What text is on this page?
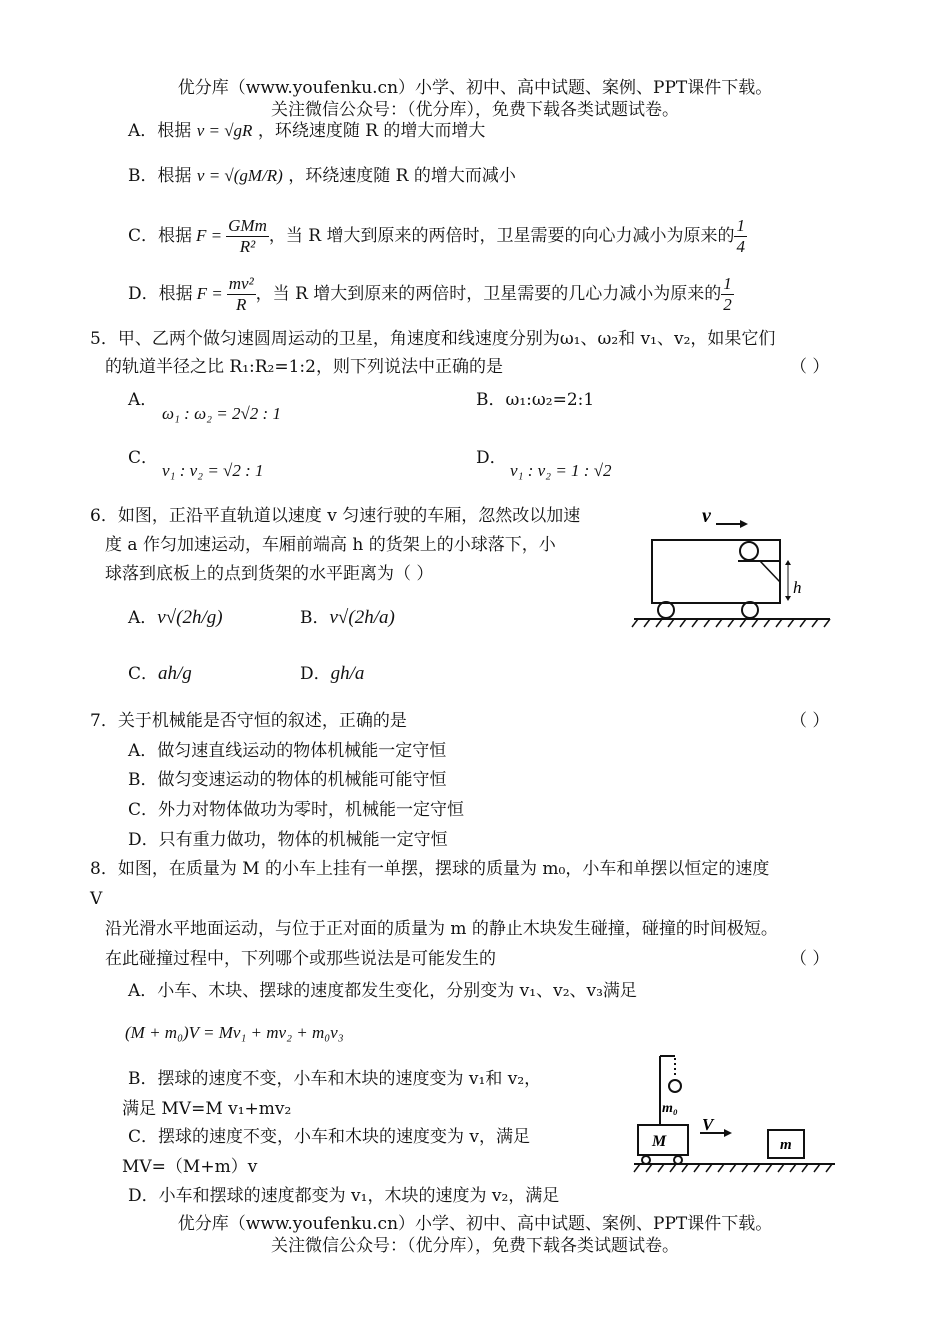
优分库（www.youfenku.cn）小学、初中、高中试题、案例、PPT课件下载。
关注微信公众号：（优分库），免费下载各类试题试卷。
A．根据 v = √gR ，环绕速度随 R 的增大而增大
B．根据 v = √(gM/R) ，环绕速度随 R 的增大而减小
C．根据 $F = \frac{\text{GMm}}{\text{R²}}$ ，当 R 增大到原来的两倍时，卫星需要的向心力减小为原来的 $\frac{1}{4}$
D．根据 $F = \frac{\text{mv²}}{R}$ ，当 R 增大到原来的两倍时，卫星需要的几心力减小为原来的 $\frac{1}{2}$
5．甲、乙两个做匀速圆周运动的卫星，角速度和线速度分别为ω₁、ω₂和 v₁、v₂，如果它们
的轨道半径之比 R₁:R₂=1:2，则下列说法中正确的是	（ ）
A．
ω₁ : ω₂ = 2√2 : 1
B．ω₁:ω₂=2:1
C．
v₁ : v₂ = √2 : 1
D．
v₁ : v₂ = 1 : √2
6．如图，正沿平直轨道以速度 v 匀速行驶的车厢，忽然改以加速
度 a 作匀加速运动，车厢前端高 h 的货架上的小球落下，小
球落到底板上的点到货架的水平距离为（ ）
A．v√(2h/g)	B．v√(2h/a)
C．ah/g	D．gh/a
v
h
7．关于机械能是否守恒的叙述，正确的是	（ ）
A．做匀速直线运动的物体机械能一定守恒
B．做匀变速运动的物体的机械能可能守恒
C．外力对物体做功为零时，机械能一定守恒
D．只有重力做功，物体的机械能一定守恒
8．如图，在质量为 M 的小车上挂有一单摆，摆球的质量为 m₀，小车和单摆以恒定的速度
V
沿光滑水平地面运动，与位于正对面的质量为 m 的静止木块发生碰撞，碰撞的时间极短。
在此碰撞过程中，下列哪个或那些说法是可能发生的	（ ）
A．小车、木块、摆球的速度都发生变化，分别变为 v₁、v₂、v₃满足
(M + m₀)V = Mv₁ + mv₂ + m₀v₃
B．摆球的速度不变，小车和木块的速度变为 v₁和 v₂，
满足 MV=M v₁+mv₂
C．摆球的速度不变，小车和木块的速度变为 v，满足
MV=（M+m）v
D．小车和摆球的速度都变为 v₁，木块的速度为 v₂，满足
m₀
M
V
m
优分库（www.youfenku.cn）小学、初中、高中试题、案例、PPT课件下载。
关注微信公众号：（优分库），免费下载各类试题试卷。
